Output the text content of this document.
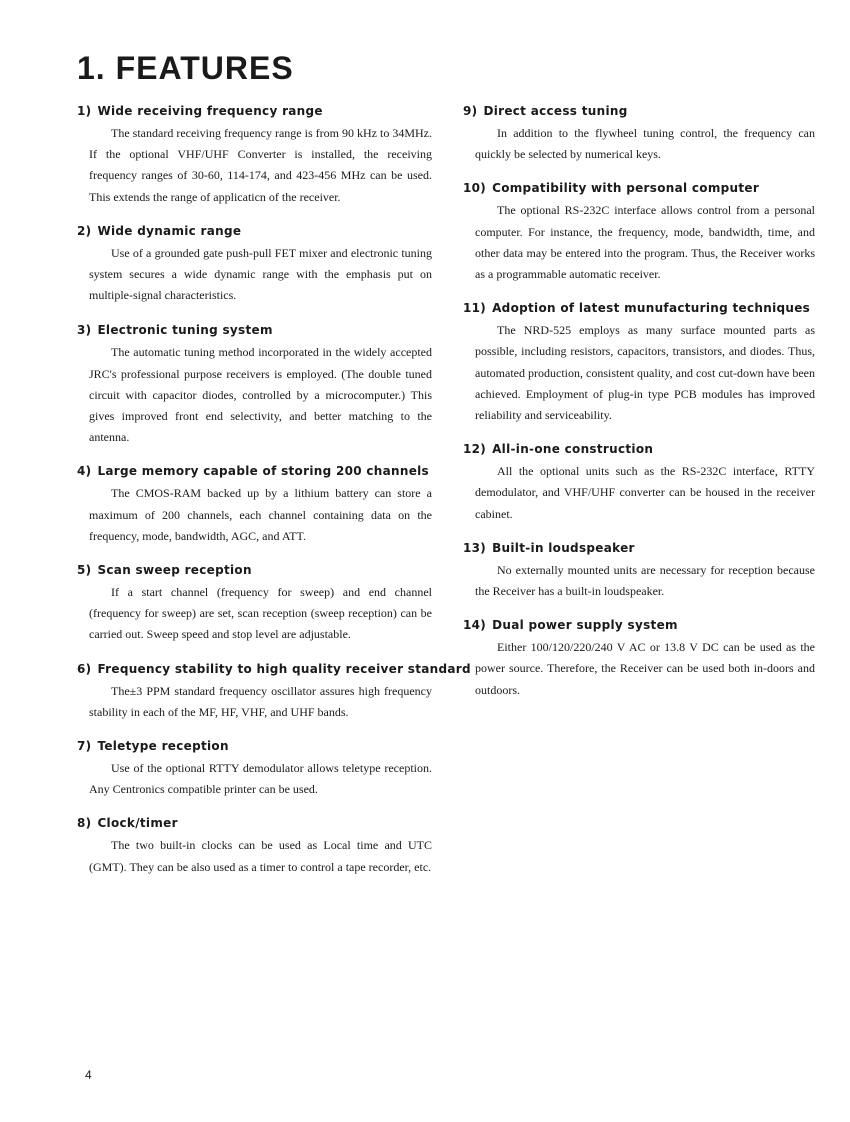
1. FEATURES
1) Wide receiving frequency range

The standard receiving frequency range is from 90 kHz to 34MHz. If the optional VHF/UHF Converter is installed, the receiving frequency ranges of 30-60, 114-174, and 423-456 MHz can be used. This extends the range of applicaticn of the receiver.

2) Wide dynamic range

Use of a grounded gate push-pull FET mixer and electronic tuning system secures a wide dynamic range with the emphasis put on multiple-signal characteristics.

3) Electronic tuning system

The automatic tuning method incorporated in the widely accepted JRC's professional purpose receivers is employed. (The double tuned circuit with capacitor diodes, controlled by a microcomputer.) This gives improved front end selectivity, and better matching to the antenna.

4) Large memory capable of storing 200 channels

The CMOS-RAM backed up by a lithium battery can store a maximum of 200 channels, each channel containing data on the frequency, mode, bandwidth, AGC, and ATT.

5) Scan sweep reception

If a start channel (frequency for sweep) and end channel (frequency for sweep) are set, scan reception (sweep reception) can be carried out. Sweep speed and stop level are adjustable.

6) Frequency stability to high quality receiver standard

The±3 PPM standard frequency oscillator assures high frequency stability in each of the MF, HF, VHF, and UHF bands.

7) Teletype reception

Use of the optional RTTY demodulator allows teletype reception. Any Centronics compatible printer can be used.

8) Clock/timer

The two built-in clocks can be used as Local time and UTC (GMT). They can be also used as a timer to control a tape recorder, etc.

9) Direct access tuning

In addition to the flywheel tuning control, the frequency can quickly be selected by numerical keys.

10) Compatibility with personal computer

The optional RS-232C interface allows control from a personal computer. For instance, the frequency, mode, bandwidth, time, and other data may be entered into the program. Thus, the Receiver works as a programmable automatic receiver.

11) Adoption of latest munufacturing techniques

The NRD-525 employs as many surface mounted parts as possible, including resistors, capacitors, transistors, and diodes. Thus, automated production, consistent quality, and cost cut-down have been achieved. Employment of plug-in type PCB modules has improved reliability and serviceability.

12) All-in-one construction

All the optional units such as the RS-232C interface, RTTY demodulator, and VHF/UHF converter can be housed in the receiver cabinet.

13) Built-in loudspeaker

No externally mounted units are necessary for reception because the Receiver has a built-in loudspeaker.

14) Dual power supply system

Either 100/120/220/240 V AC or 13.8 V DC can be used as the power source. Therefore, the Receiver can be used both in-doors and outdoors.

4
